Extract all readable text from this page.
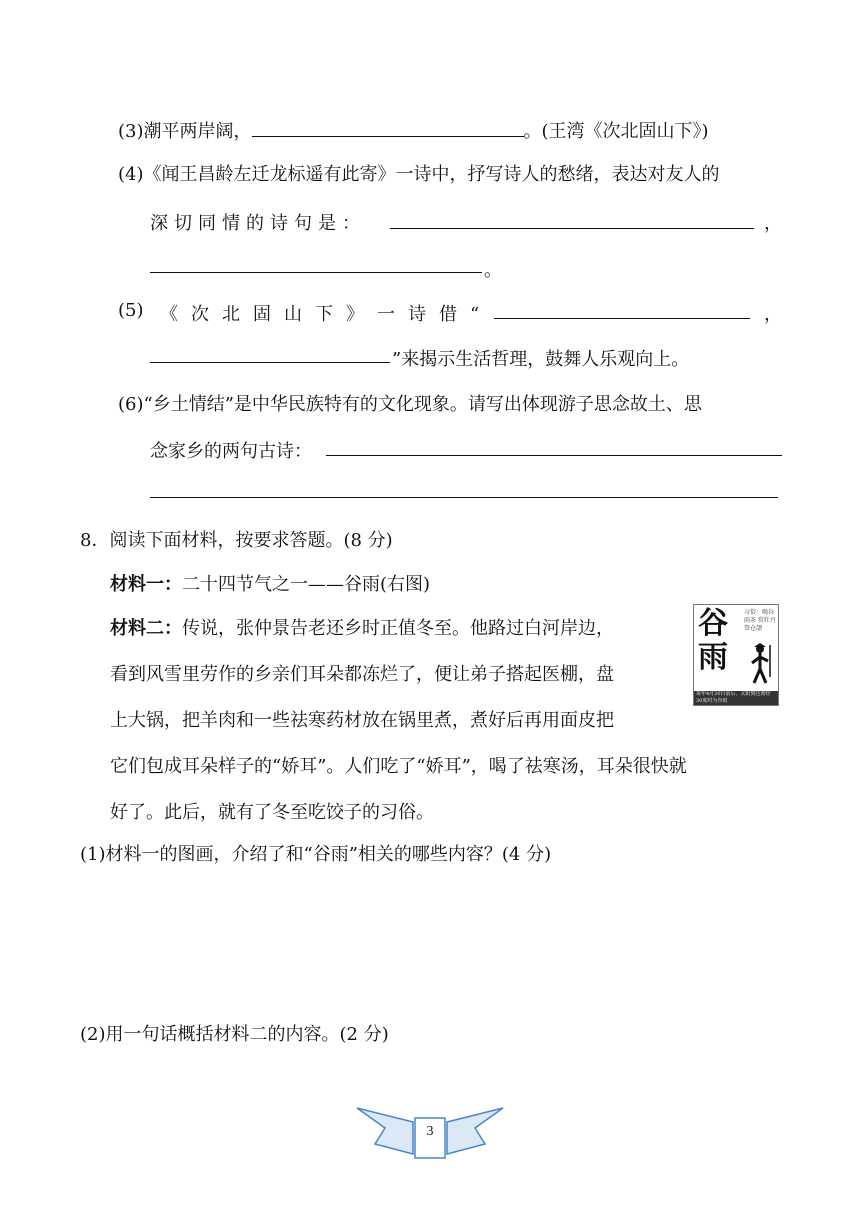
(3)潮平两岸阔，	。(王湾《次北固山下》)
(4)《闻王昌龄左迁龙标遥有此寄》一诗中，抒写诗人的愁绪，表达对友人的
深 切 同 情 的 诗 句 是 ：	，
。
(5) 《 次 北 固 山 下 》 一 诗 借 “	，
”来揭示生活哲理，鼓舞人乐观向上。
(6)“乡土情结”是中华民族特有的文化现象。请写出体现游子思念故土、思
念家乡的两句古诗：
8．阅读下面材料，按要求答题。(8 分)
材料一：二十四节气之一——谷雨(右图)
材料二：传说，张仲景告老还乡时正值冬至。他路过白河岸边，
看到风雪里劳作的乡亲们耳朵都冻烂了，便让弟子搭起医棚，盘
上大锅，把羊肉和一些祛寒药材放在锅里煮，煮好后再用面皮把
它们包成耳朵样子的“娇耳”。人们吃了“娇耳”，喝了祛寒汤，耳朵很快就
好了。此后，就有了冬至吃饺子的习俗。
谷
雨
习俗：喝谷雨茶 赏牡丹 祭仓颉
每年4月20日前后，太阳到达黄经30度时为谷雨
(1)材料一的图画，介绍了和“谷雨”相关的哪些内容？(4 分)
(2)用一句话概括材料二的内容。(2 分)
3
